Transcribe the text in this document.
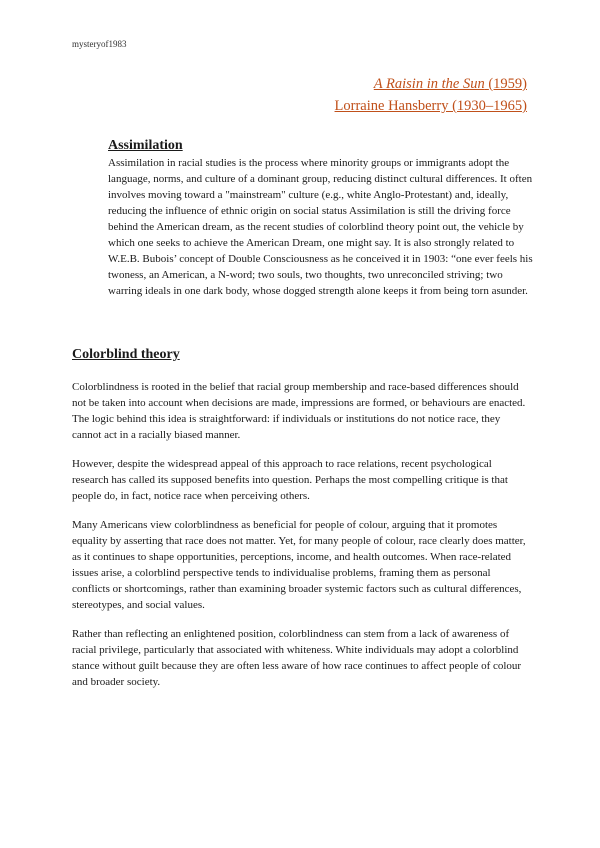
mysteryof1983
A Raisin in the Sun (1959)
Lorraine Hansberry (1930–1965)
Assimilation

Assimilation in racial studies is the process where minority groups or immigrants adopt the language, norms, and culture of a dominant group, reducing distinct cultural differences. It often involves moving toward a "mainstream" culture (e.g., white Anglo-Protestant) and, ideally, reducing the influence of ethnic origin on social status Assimilation is still the driving force behind the American dream, as the recent studies of colorblind theory point out, the vehicle by which one seeks to achieve the American Dream, one might say. It is also strongly related to W.E.B. Bubois’ concept of Double Consciousness as he conceived it in 1903: “one ever feels his twoness, an American, a N-word; two souls, two thoughts, two unreconciled striving; two warring ideals in one dark body, whose dogged strength alone keeps it from being torn asunder.

Colorblind theory

Colorblindness is rooted in the belief that racial group membership and race-based differences should not be taken into account when decisions are made, impressions are formed, or behaviours are enacted. The logic behind this idea is straightforward: if individuals or institutions do not notice race, they cannot act in a racially biased manner.

However, despite the widespread appeal of this approach to race relations, recent psychological research has called its supposed benefits into question. Perhaps the most compelling critique is that people do, in fact, notice race when perceiving others.

Many Americans view colorblindness as beneficial for people of colour, arguing that it promotes equality by asserting that race does not matter. Yet, for many people of colour, race clearly does matter, as it continues to shape opportunities, perceptions, income, and health outcomes. When race-related issues arise, a colorblind perspective tends to individualise problems, framing them as personal conflicts or shortcomings, rather than examining broader systemic factors such as cultural differences, stereotypes, and social values.

Rather than reflecting an enlightened position, colorblindness can stem from a lack of awareness of racial privilege, particularly that associated with whiteness. White individuals may adopt a colorblind stance without guilt because they are often less aware of how race continues to affect people of colour and broader society.
